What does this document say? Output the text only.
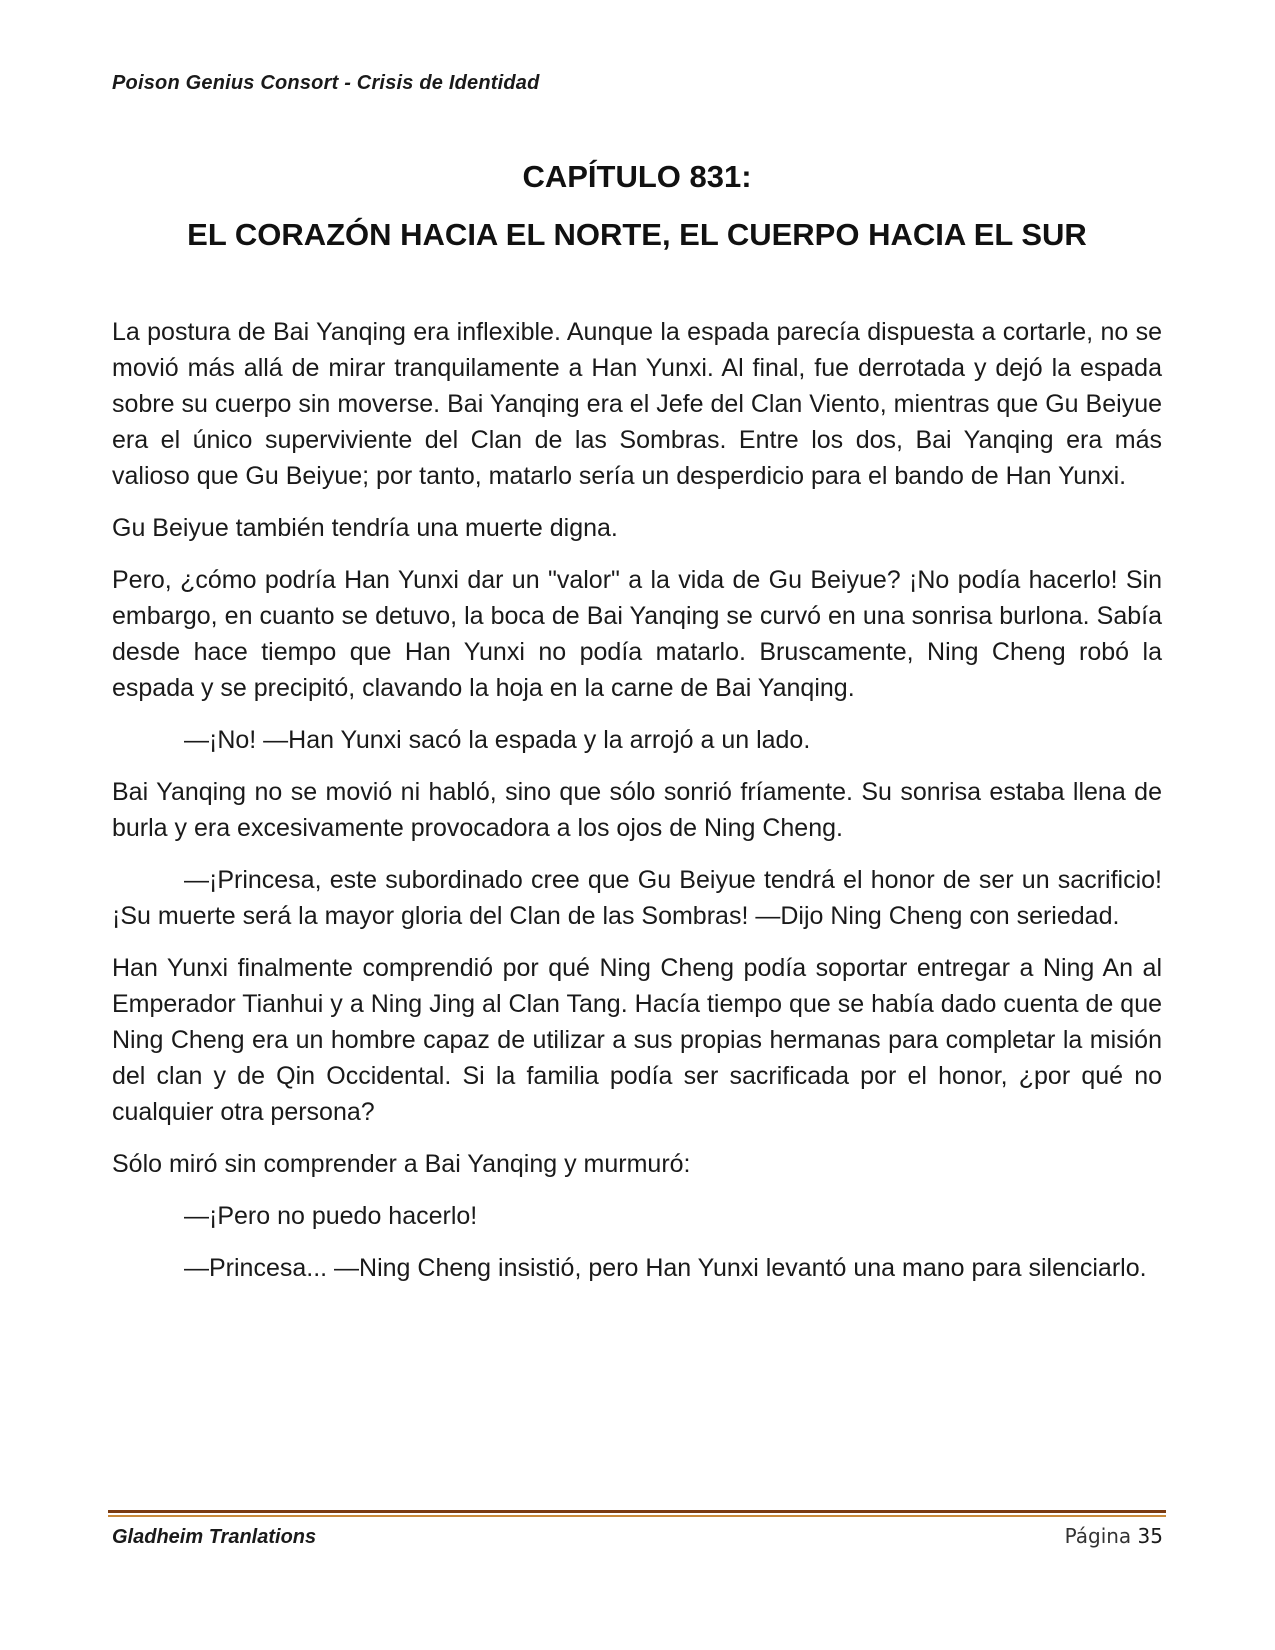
Poison Genius Consort - Crisis de Identidad

CAPÍTULO 831:

EL CORAZÓN HACIA EL NORTE, EL CUERPO HACIA EL SUR

La postura de Bai Yanqing era inflexible. Aunque la espada parecía dispuesta a cortarle, no se movió más allá de mirar tranquilamente a Han Yunxi. Al final, fue derrotada y dejó la espada sobre su cuerpo sin moverse. Bai Yanqing era el Jefe del Clan Viento, mientras que Gu Beiyue era el único superviviente del Clan de las Sombras. Entre los dos, Bai Yanqing era más valioso que Gu Beiyue; por tanto, matarlo sería un desperdicio para el bando de Han Yunxi.

Gu Beiyue también tendría una muerte digna.

Pero, ¿cómo podría Han Yunxi dar un "valor" a la vida de Gu Beiyue? ¡No podía hacerlo! Sin embargo, en cuanto se detuvo, la boca de Bai Yanqing se curvó en una sonrisa burlona. Sabía desde hace tiempo que Han Yunxi no podía matarlo. Bruscamente, Ning Cheng robó la espada y se precipitó, clavando la hoja en la carne de Bai Yanqing.

—¡No! —Han Yunxi sacó la espada y la arrojó a un lado.

Bai Yanqing no se movió ni habló, sino que sólo sonrió fríamente. Su sonrisa estaba llena de burla y era excesivamente provocadora a los ojos de Ning Cheng.

—¡Princesa, este subordinado cree que Gu Beiyue tendrá el honor de ser un sacrificio! ¡Su muerte será la mayor gloria del Clan de las Sombras! —Dijo Ning Cheng con seriedad.

Han Yunxi finalmente comprendió por qué Ning Cheng podía soportar entregar a Ning An al Emperador Tianhui y a Ning Jing al Clan Tang. Hacía tiempo que se había dado cuenta de que Ning Cheng era un hombre capaz de utilizar a sus propias hermanas para completar la misión del clan y de Qin Occidental. Si la familia podía ser sacrificada por el honor, ¿por qué no cualquier otra persona?

Sólo miró sin comprender a Bai Yanqing y murmuró:

—¡Pero no puedo hacerlo!

—Princesa... —Ning Cheng insistió, pero Han Yunxi levantó una mano para silenciarlo.

Gladheim Tranlations	Página 35
